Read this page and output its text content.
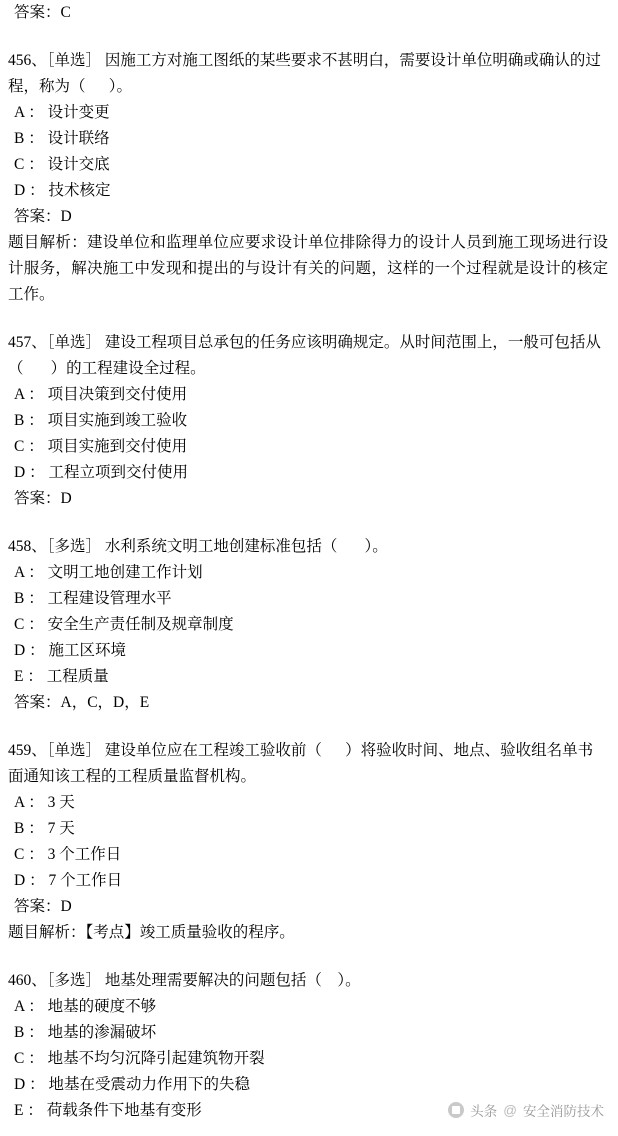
答案：C
456、［单选］ 因施工方对施工图纸的某些要求不甚明白，需要设计单位明确或确认的过程，称为（      ）。
A ： 设计变更
B ： 设计联络
C ： 设计交底
D ： 技术核定
答案：D
题目解析：建设单位和监理单位应要求设计单位排除得力的设计人员到施工现场进行设计服务，解决施工中发现和提出的与设计有关的问题，这样的一个过程就是设计的核定工作。
457、［单选］ 建设工程项目总承包的任务应该明确规定。从时间范围上，一般可包括从（       ）的工程建设全过程。
A ： 项目决策到交付使用
B ： 项目实施到竣工验收
C ： 项目实施到交付使用
D ： 工程立项到交付使用
答案：D
458、［多选］ 水利系统文明工地创建标准包括（       ）。
A ： 文明工地创建工作计划
B ： 工程建设管理水平
C ： 安全生产责任制及规章制度
D ： 施工区环境
E ： 工程质量
答案：A，C，D，E
459、［单选］ 建设单位应在工程竣工验收前（      ）将验收时间、地点、验收组名单书面通知该工程的工程质量监督机构。
A ： 3 天
B ： 7 天
C ： 3 个工作日
D ： 7 个工作日
答案：D
题目解析：【考点】竣工质量验收的程序。
460、［多选］ 地基处理需要解决的问题包括（    ）。
A ： 地基的硬度不够
B ： 地基的渗漏破坏
C ： 地基不均匀沉降引起建筑物开裂
D ： 地基在受震动力作用下的失稳
E ： 荷载条件下地基有变形	头条 @ 安全消防技术
